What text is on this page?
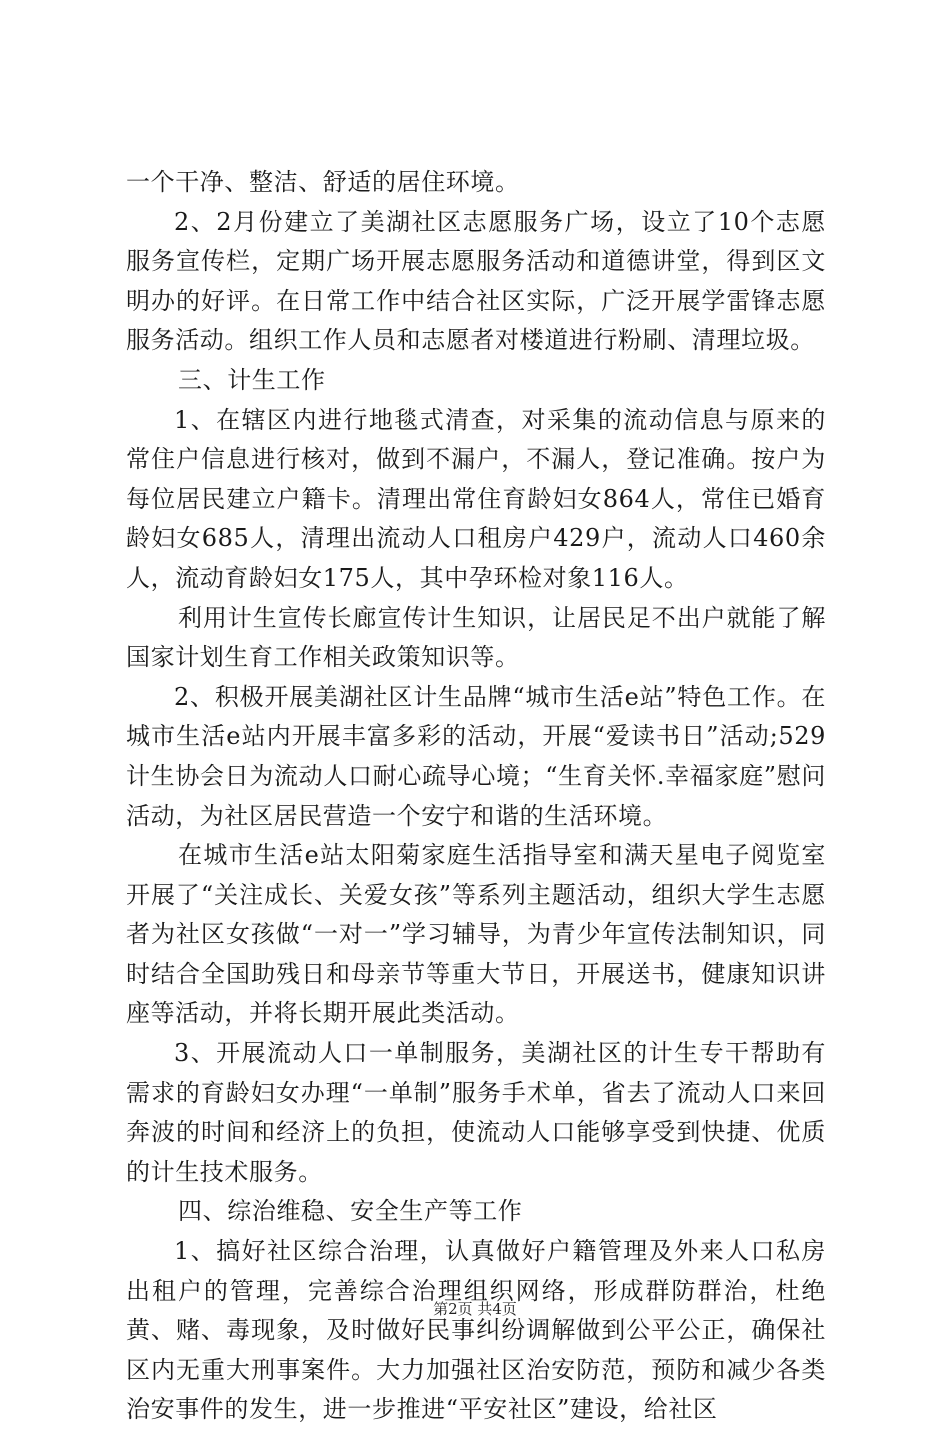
一个干净、整洁、舒适的居住环境。

2、2月份建立了美湖社区志愿服务广场，设立了10个志愿服务宣传栏，定期广场开展志愿服务活动和道德讲堂，得到区文明办的好评。在日常工作中结合社区实际，广泛开展学雷锋志愿服务活动。组织工作人员和志愿者对楼道进行粉刷、清理垃圾。

三、计生工作

1、在辖区内进行地毯式清查，对采集的流动信息与原来的常住户信息进行核对，做到不漏户，不漏人，登记准确。按户为每位居民建立户籍卡。清理出常住育龄妇女864人，常住已婚育龄妇女685人，清理出流动人口租房户429户，流动人口460余人，流动育龄妇女175人，其中孕环检对象116人。

利用计生宣传长廊宣传计生知识，让居民足不出户就能了解国家计划生育工作相关政策知识等。

2、积极开展美湖社区计生品牌“城市生活e站”特色工作。在城市生活e站内开展丰富多彩的活动，开展“爱读书日”活动;529计生协会日为流动人口耐心疏导心境；“生育关怀.幸福家庭”慰问活动，为社区居民营造一个安宁和谐的生活环境。

在城市生活e站太阳菊家庭生活指导室和满天星电子阅览室开展了“关注成长、关爱女孩”等系列主题活动，组织大学生志愿者为社区女孩做“一对一”学习辅导，为青少年宣传法制知识，同时结合全国助残日和母亲节等重大节日，开展送书，健康知识讲座等活动，并将长期开展此类活动。

3、开展流动人口一单制服务，美湖社区的计生专干帮助有需求的育龄妇女办理“一单制”服务手术单，省去了流动人口来回奔波的时间和经济上的负担，使流动人口能够享受到快捷、优质的计生技术服务。

四、综治维稳、安全生产等工作

1、搞好社区综合治理，认真做好户籍管理及外来人口私房出租户的管理，完善综合治理组织网络，形成群防群治，杜绝黄、赌、毒现象，及时做好民事纠纷调解做到公平公正，确保社区内无重大刑事案件。大力加强社区治安防范，预防和减少各类治安事件的发生，进一步推进“平安社区”建设，给社区

第2页 共4页
